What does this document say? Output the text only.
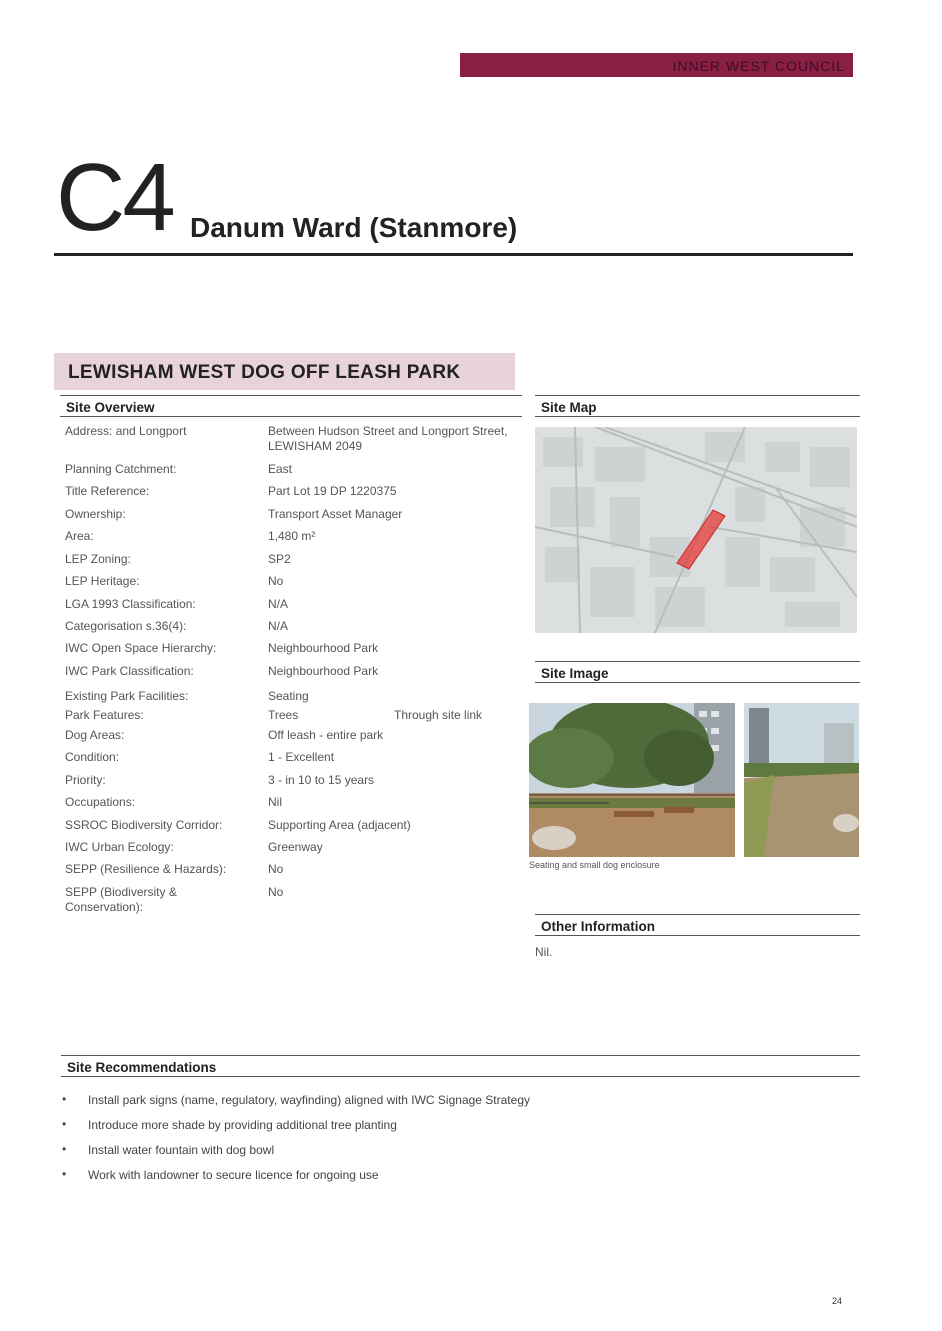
INNER WEST COUNCIL
C4 Danum Ward (Stanmore)
LEWISHAM WEST DOG OFF LEASH PARK
Site Overview
Address: and Longport	Between Hudson Street and Longport Street,
LEWISHAM 2049
Planning Catchment:	East
Title Reference:	Part Lot 19 DP 1220375
Ownership:	Transport Asset Manager
Area:	1,480 m²
LEP Zoning:	SP2
LEP Heritage:	No
LGA 1993 Classification:	N/A
Categorisation s.36(4):	N/A
IWC Open Space Hierarchy:	Neighbourhood Park
IWC Park Classification:	Neighbourhood Park
Existing Park Facilities:	Seating
Park Features:	Trees	Through site link
Dog Areas:	Off leash - entire park
Condition:	1 - Excellent
Priority:	3 - in 10 to 15 years
Occupations:	Nil
SSROC Biodiversity Corridor:	Supporting Area (adjacent)
IWC Urban Ecology:	Greenway
SEPP (Resilience & Hazards):	No
SEPP (Biodiversity & Conservation):
No
Site Map
Site Image
Seating and small dog enclosure
Other Information
Nil.
Site Recommendations
• Install park signs (name, regulatory, wayfinding) aligned with IWC Signage Strategy
• Introduce more shade by providing additional tree planting
• Install water fountain with dog bowl
• Work with landowner to secure licence for ongoing use
24
